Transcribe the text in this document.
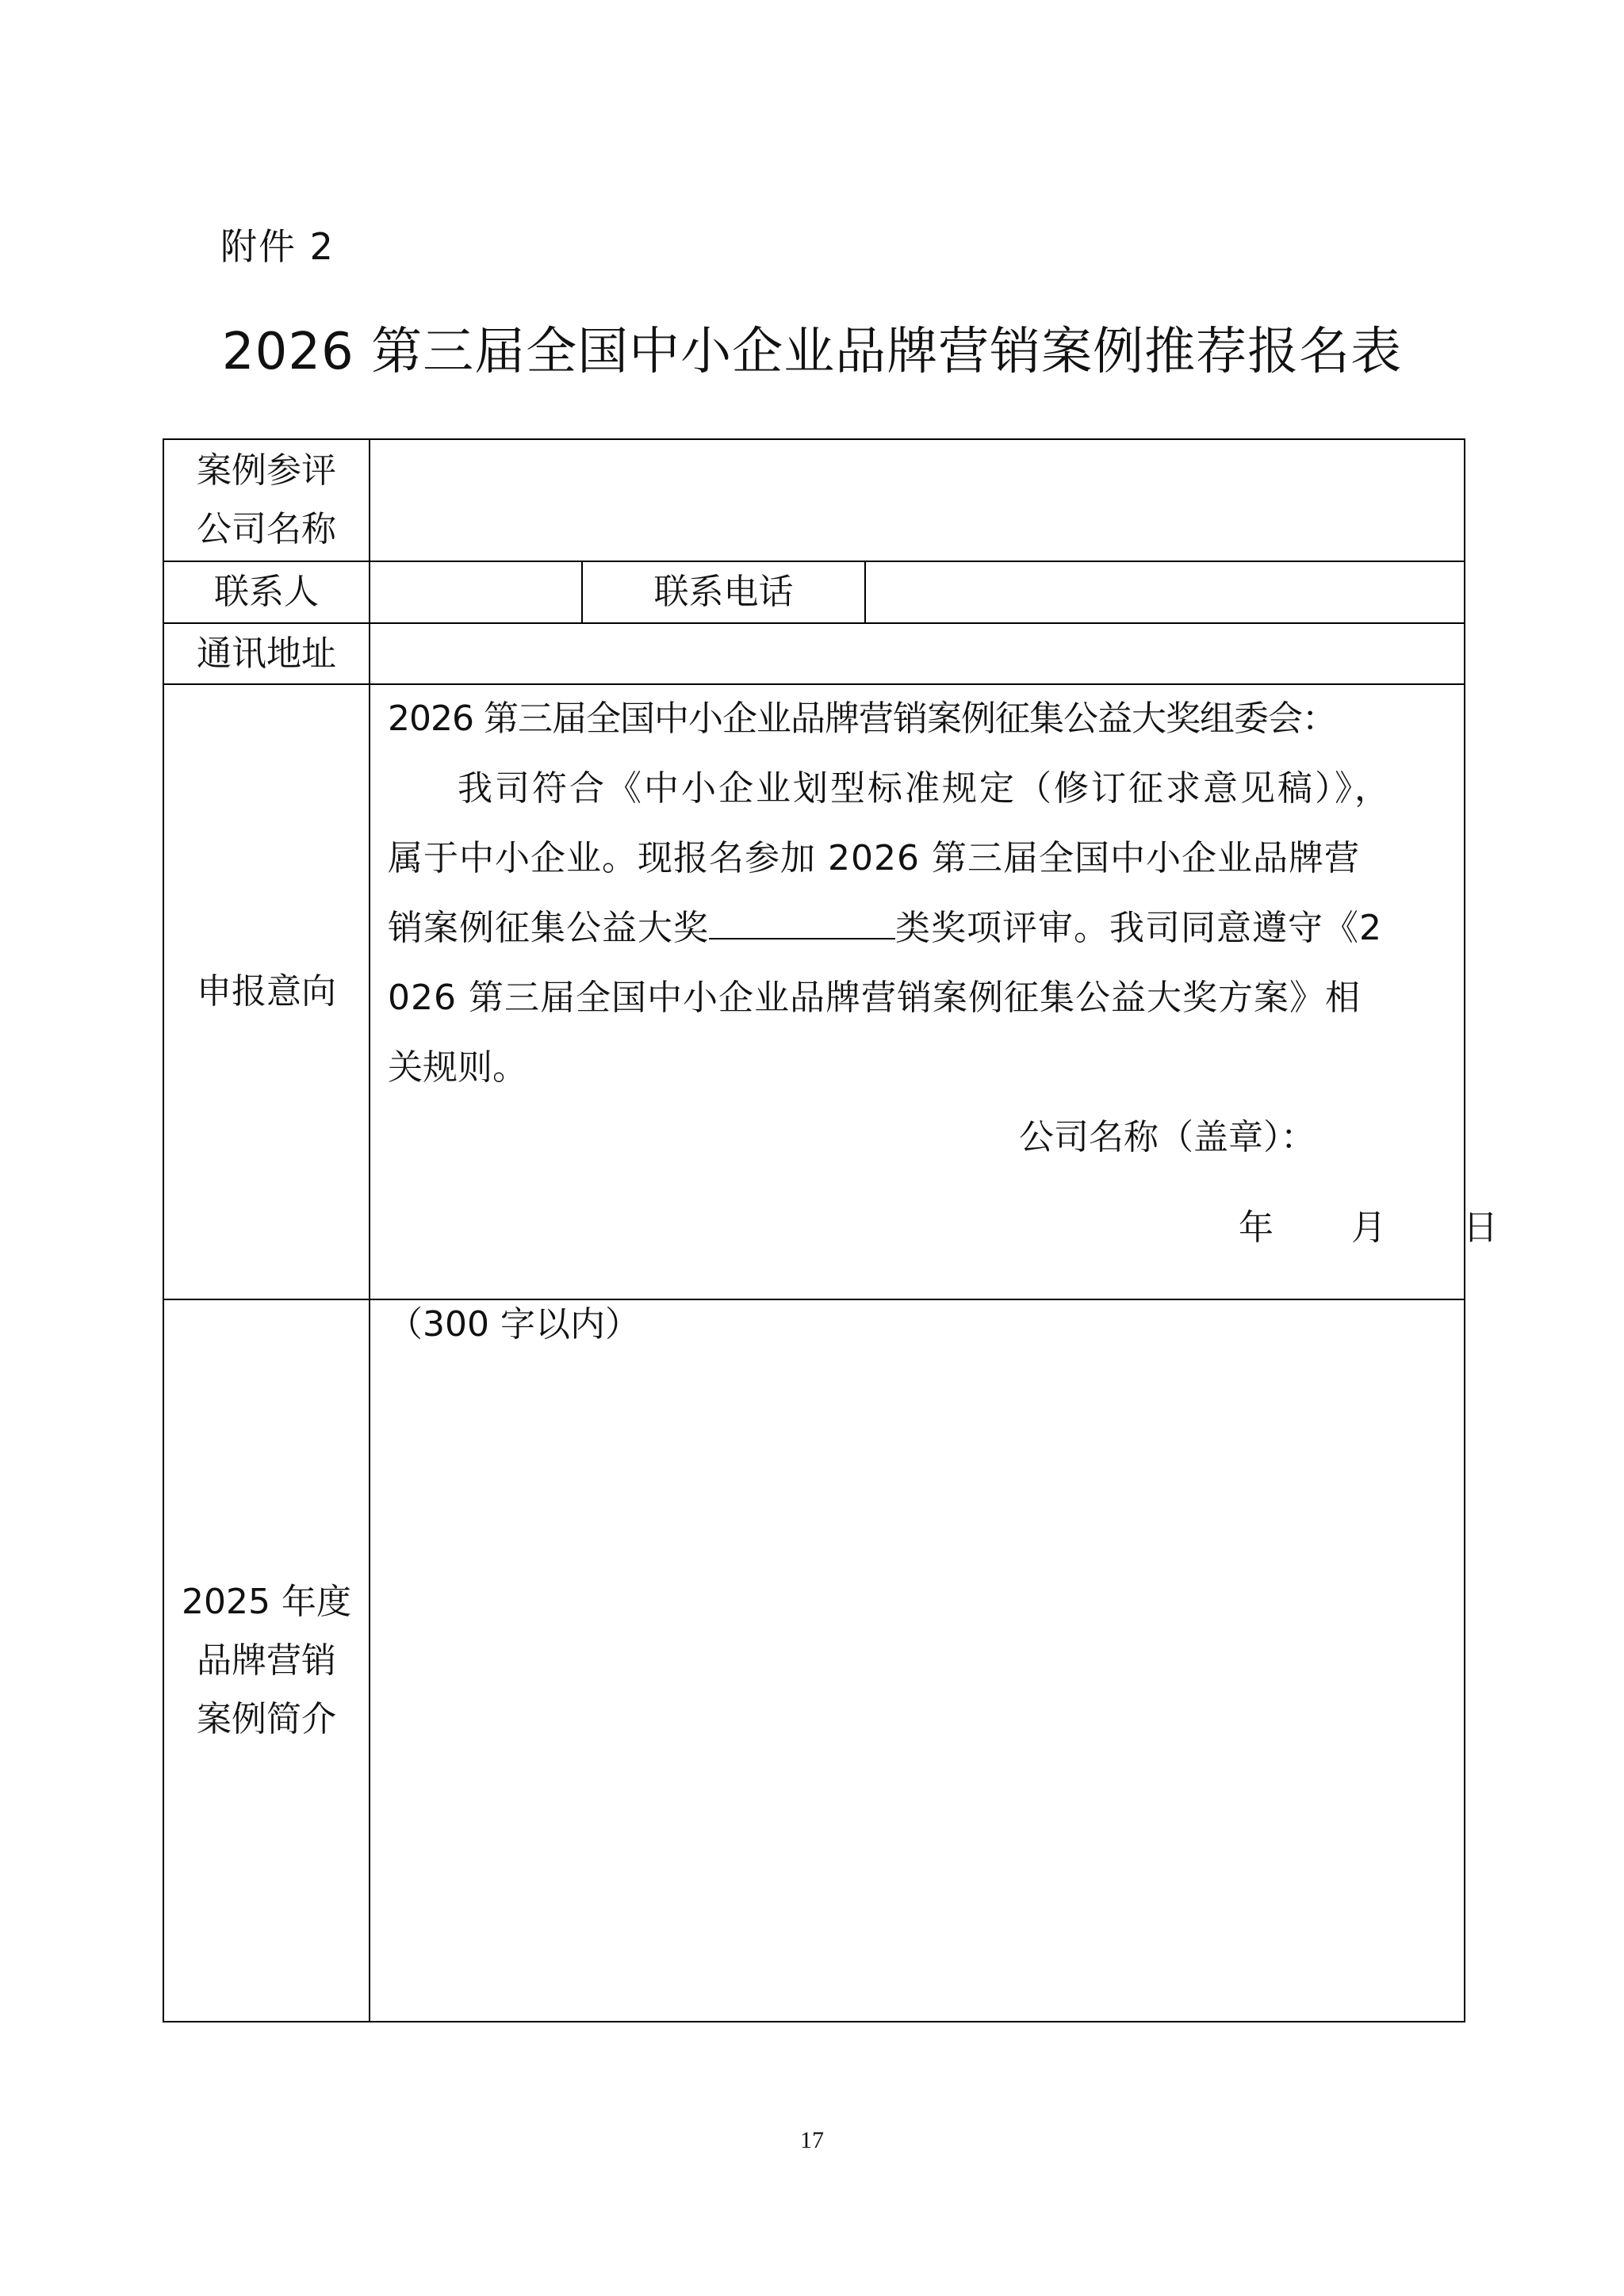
附件 2
2026 第三届全国中小企业品牌营销案例推荐报名表
案例参评
公司名称
联系人	联系电话
通讯地址
申报意向
2026 第三届全国中小企业品牌营销案例征集公益大奖组委会：
我司符合《中小企业划型标准规定（修订征求意见稿）》，
属于中小企业。现报名参加 2026 第三届全国中小企业品牌营
销案例征集公益大奖	类奖项评审。我司同意遵守《2
026 第三届全国中小企业品牌营销案例征集公益大奖方案》相
关规则。
公司名称（盖章）：
年 月 日
2025 年度
品牌营销
案例简介
（300 字以内）
17
